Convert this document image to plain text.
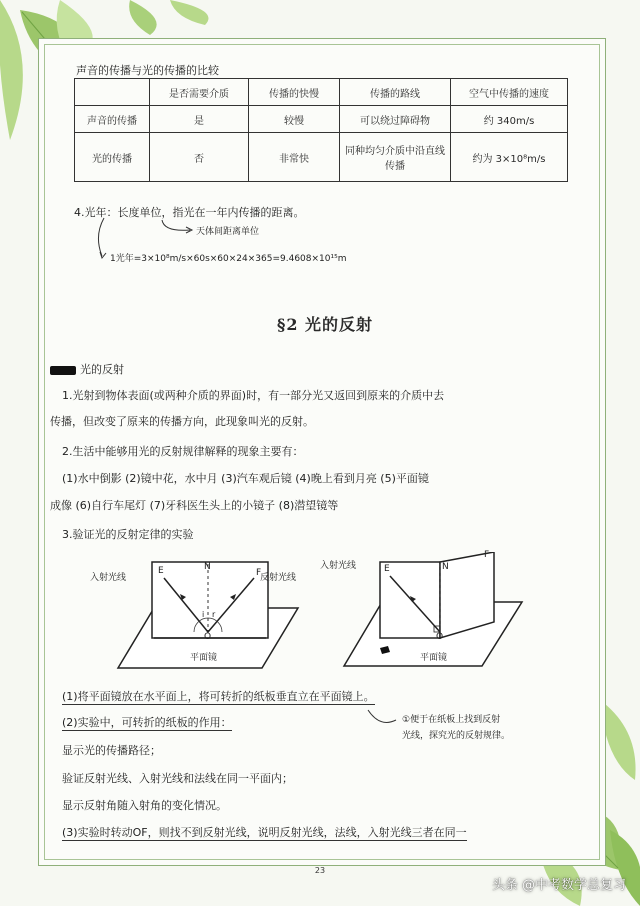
声音的传播与光的传播的比较
	是否需要介质	传播的快慢	传播的路线	空气中传播的速度
声音的传播	是	较慢	可以绕过障碍物	约 340m/s
光的传播	否	非常快	同种均匀介质中沿直线传播	约为 3×10⁸m/s
4.光年：长度单位，指光在一年内传播的距离。
天体间距离单位
1光年=3×10⁸m/s×60s×60×24×365=9.4608×10¹⁵m
§2 光的反射
光的反射
1.光射到物体表面(或两种介质的界面)时，有一部分光又返回到原来的介质中去
传播，但改变了原来的传播方向，此现象叫光的反射。
2.生活中能够用光的反射规律解释的现象主要有：
(1)水中倒影 (2)镜中花，水中月 (3)汽车观后镜 (4)晚上看到月亮 (5)平面镜
成像 (6)自行车尾灯 (7)牙科医生头上的小镜子 (8)潜望镜等
3.验证光的反射定律的实验
入射光线	反射光线
入射光线
E	N
F
i r
O
平面镜
E	N
F
O
平面镜
(1)将平面镜放在水平面上，将可转折的纸板垂直立在平面镜上。
(2)实验中，可转折的纸板的作用：	①便于在纸板上找到反射
光线，探究光的反射规律。
显示光的传播路径；
验证反射光线、入射光线和法线在同一平面内；
显示反射角随入射角的变化情况。
(3)实验时转动OF，则找不到反射光线，说明反射光线，法线，入射光线三者在同一
23
头条 @中考数学总复习
